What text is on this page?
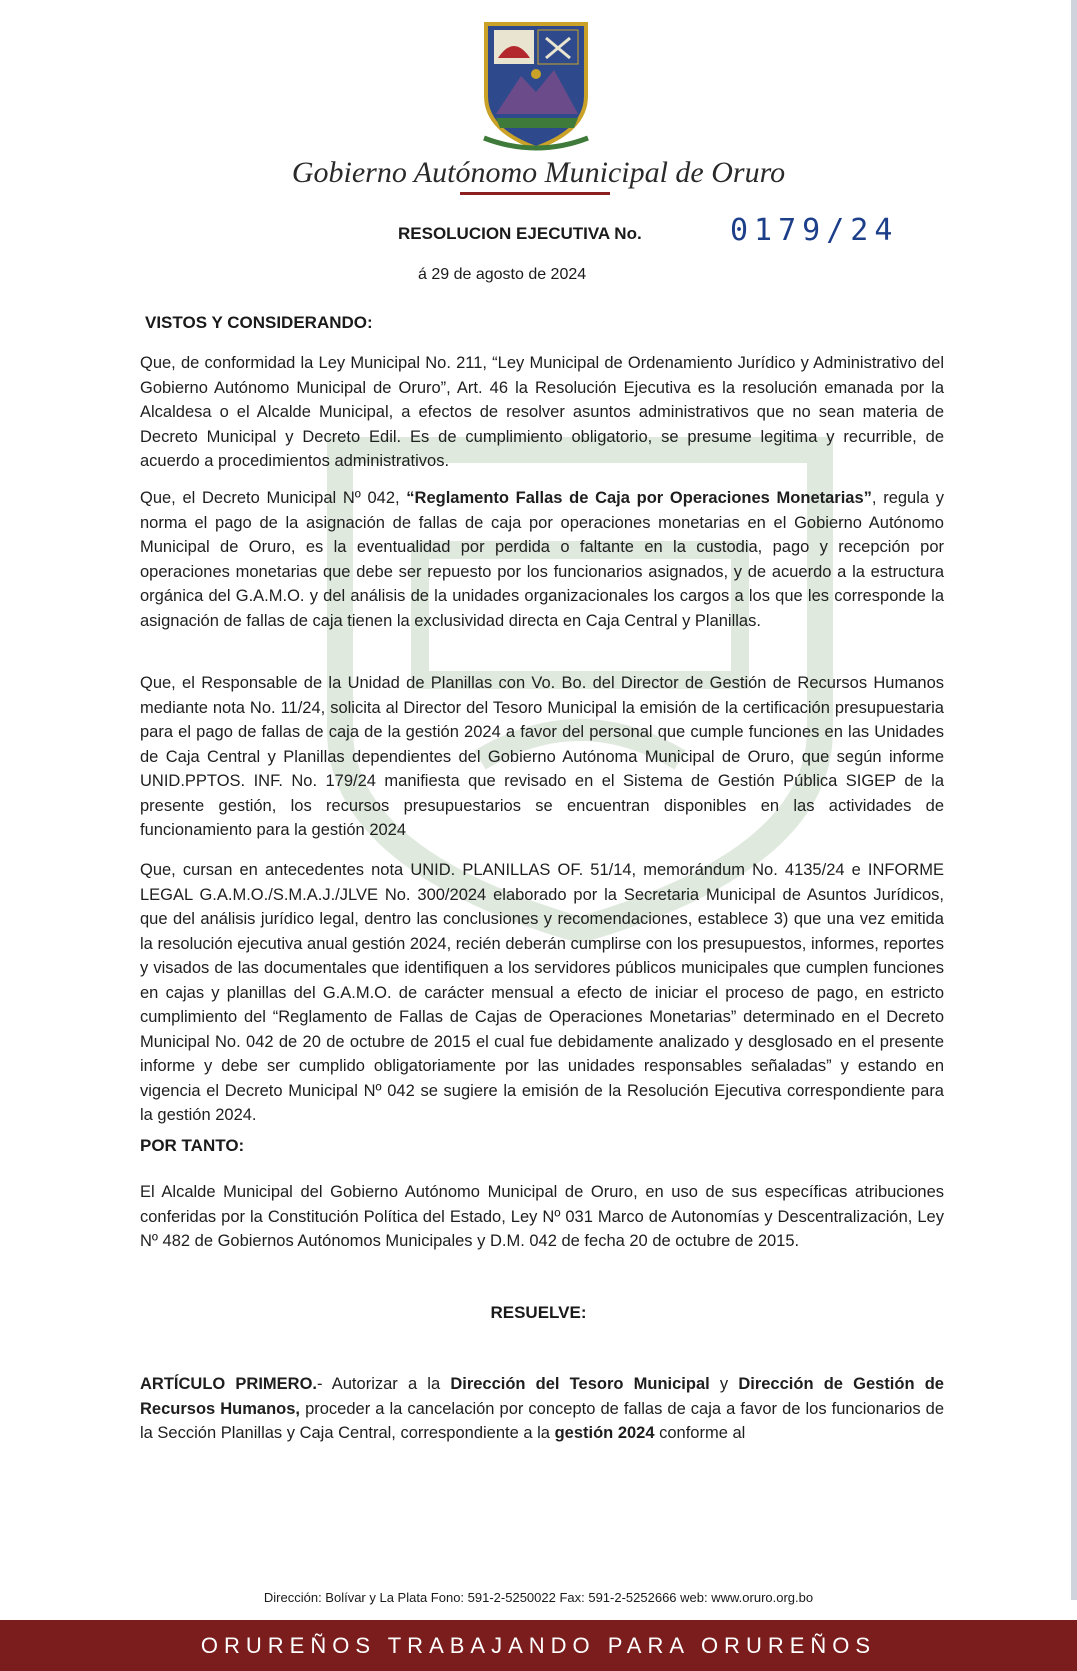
Gobierno Autónomo Municipal de Oruro
RESOLUCION EJECUTIVA No.	0179/24
á 29 de agosto de 2024
VISTOS Y CONSIDERANDO:
Que, de conformidad la Ley Municipal No. 211, “Ley Municipal de Ordenamiento Jurídico y Administrativo del Gobierno Autónomo Municipal de Oruro”, Art. 46 la Resolución Ejecutiva es la resolución emanada por la Alcaldesa o el Alcalde Municipal, a efectos de resolver asuntos administrativos que no sean materia de Decreto Municipal y Decreto Edil. Es de cumplimiento obligatorio, se presume legitima y recurrible, de acuerdo a procedimientos administrativos.
Que, el Decreto Municipal Nº 042, “Reglamento Fallas de Caja por Operaciones Monetarias”, regula y norma el pago de la asignación de fallas de caja por operaciones monetarias en el Gobierno Autónomo Municipal de Oruro, es la eventualidad por perdida o faltante en la custodia, pago y recepción por operaciones monetarias que debe ser repuesto por los funcionarios asignados, y de acuerdo a la estructura orgánica del G.A.M.O. y del análisis de la unidades organizacionales los cargos a los que les corresponde la asignación de fallas de caja tienen la exclusividad directa en Caja Central y Planillas.
Que, el Responsable de la Unidad de Planillas con Vo. Bo. del Director de Gestión de Recursos Humanos mediante nota No. 11/24, solicita al Director del Tesoro Municipal la emisión de la certificación presupuestaria para el pago de fallas de caja de la gestión 2024 a favor del personal que cumple funciones en las Unidades de Caja Central y Planillas dependientes del Gobierno Autónoma Municipal de Oruro, que según informe UNID.PPTOS. INF. No. 179/24 manifiesta que revisado en el Sistema de Gestión Pública SIGEP de la presente gestión, los recursos presupuestarios se encuentran disponibles en las actividades de funcionamiento para la gestión 2024
Que, cursan en antecedentes nota UNID. PLANILLAS OF. 51/14, memorándum No. 4135/24 e INFORME LEGAL G.A.M.O./S.M.A.J./JLVE No. 300/2024 elaborado por la Secretaria Municipal de Asuntos Jurídicos, que del análisis jurídico legal, dentro las conclusiones y recomendaciones, establece 3) que una vez emitida la resolución ejecutiva anual gestión 2024, recién deberán cumplirse con los presupuestos, informes, reportes y visados de las documentales que identifiquen a los servidores públicos municipales que cumplen funciones en cajas y planillas del G.A.M.O. de carácter mensual a efecto de iniciar el proceso de pago, en estricto cumplimiento del “Reglamento de Fallas de Cajas de Operaciones Monetarias” determinado en el Decreto Municipal No. 042 de 20 de octubre de 2015 el cual fue debidamente analizado y desglosado en el presente informe y debe ser cumplido obligatoriamente por las unidades responsables señaladas” y estando en vigencia el Decreto Municipal Nº 042 se sugiere la emisión de la Resolución Ejecutiva correspondiente para la gestión 2024.
POR TANTO:
El Alcalde Municipal del Gobierno Autónomo Municipal de Oruro, en uso de sus específicas atribuciones conferidas por la Constitución Política del Estado, Ley Nº 031 Marco de Autonomías y Descentralización, Ley Nº 482 de Gobiernos Autónomos Municipales y D.M. 042 de fecha 20 de octubre de 2015.
RESUELVE:
ARTÍCULO PRIMERO.- Autorizar a la Dirección del Tesoro Municipal y Dirección de Gestión de Recursos Humanos, proceder a la cancelación por concepto de fallas de caja a favor de los funcionarios de la Sección Planillas y Caja Central, correspondiente a la gestión 2024 conforme al
Dirección: Bolívar y La Plata Fono: 591-2-5250022 Fax: 591-2-5252666 web: www.oruro.org.bo
ORUREÑOS TRABAJANDO PARA ORUREÑOS
